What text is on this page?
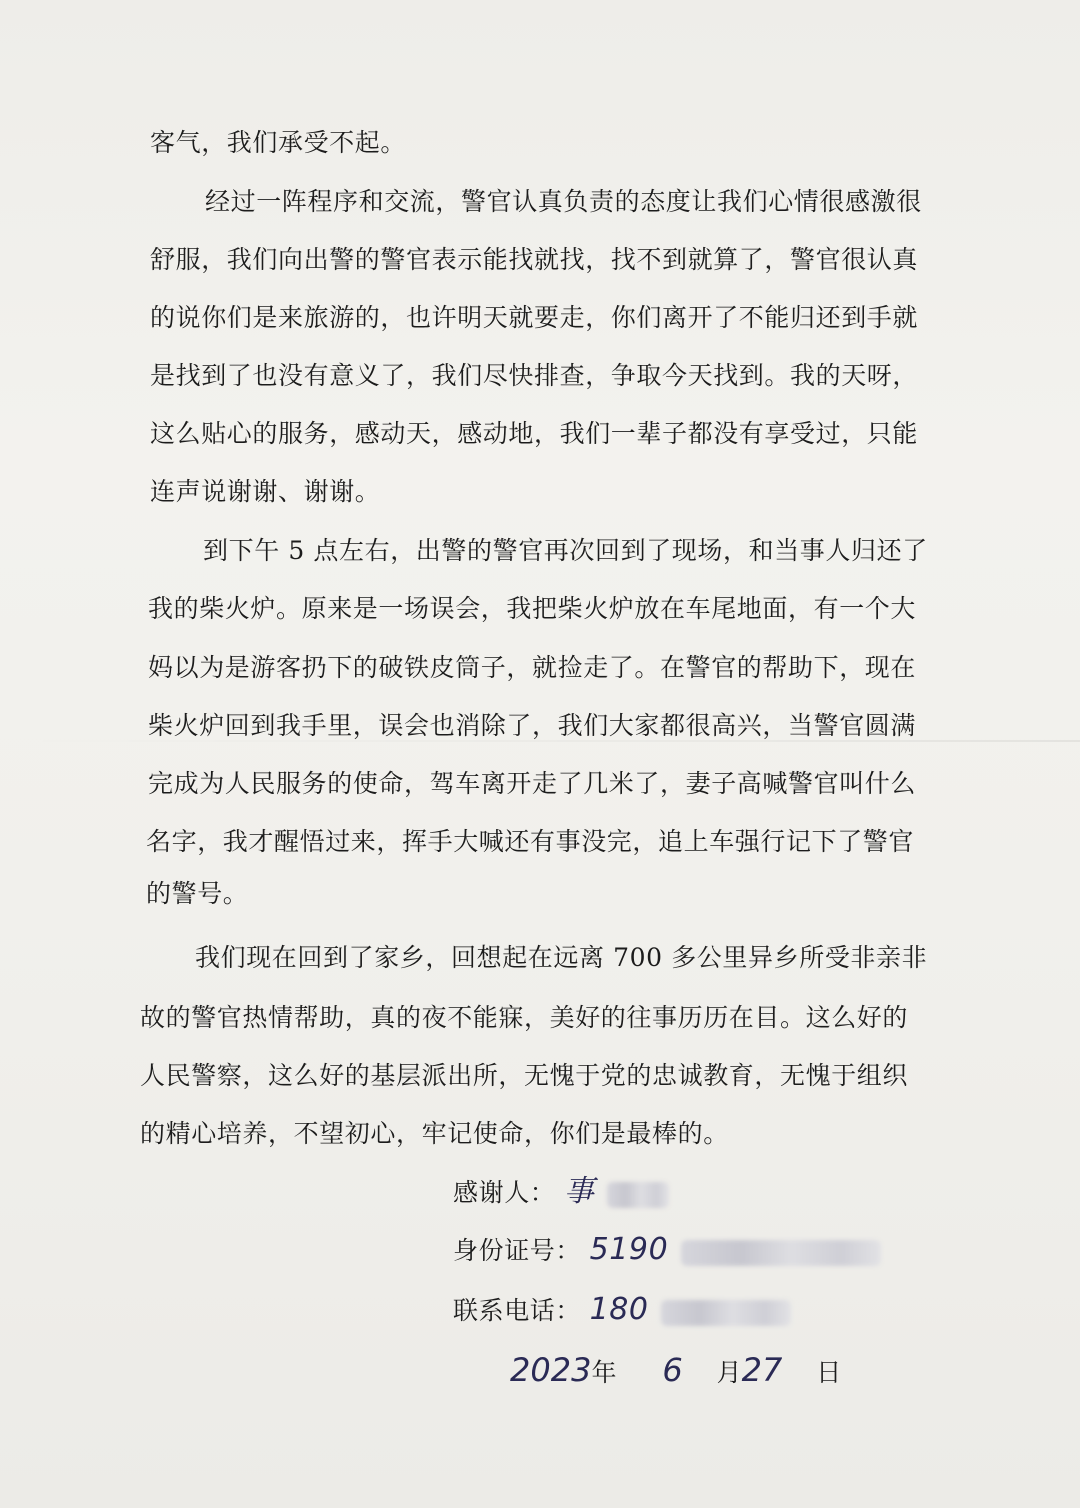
客气，我们承受不起。
经过一阵程序和交流，警官认真负责的态度让我们心情很感激很
舒服，我们向出警的警官表示能找就找，找不到就算了，警官很认真
的说你们是来旅游的，也许明天就要走，你们离开了不能归还到手就
是找到了也没有意义了，我们尽快排查，争取今天找到。我的天呀，
这么贴心的服务，感动天，感动地，我们一辈子都没有享受过，只能
连声说谢谢、谢谢。
到下午 5 点左右，出警的警官再次回到了现场，和当事人归还了
我的柴火炉。原来是一场误会，我把柴火炉放在车尾地面，有一个大
妈以为是游客扔下的破铁皮筒子，就捡走了。在警官的帮助下，现在
柴火炉回到我手里，误会也消除了，我们大家都很高兴，当警官圆满
完成为人民服务的使命，驾车离开走了几米了，妻子高喊警官叫什么
名字，我才醒悟过来，挥手大喊还有事没完，追上车强行记下了警官
的警号。
我们现在回到了家乡，回想起在远离 700 多公里异乡所受非亲非
故的警官热情帮助，真的夜不能寐，美好的往事历历在目。这么好的
人民警察，这么好的基层派出所，无愧于党的忠诚教育，无愧于组织
的精心培养，不望初心，牢记使命，你们是最棒的。
感谢人： 事
身份证号： 5190
联系电话： 180
2023年 6 月27 日
